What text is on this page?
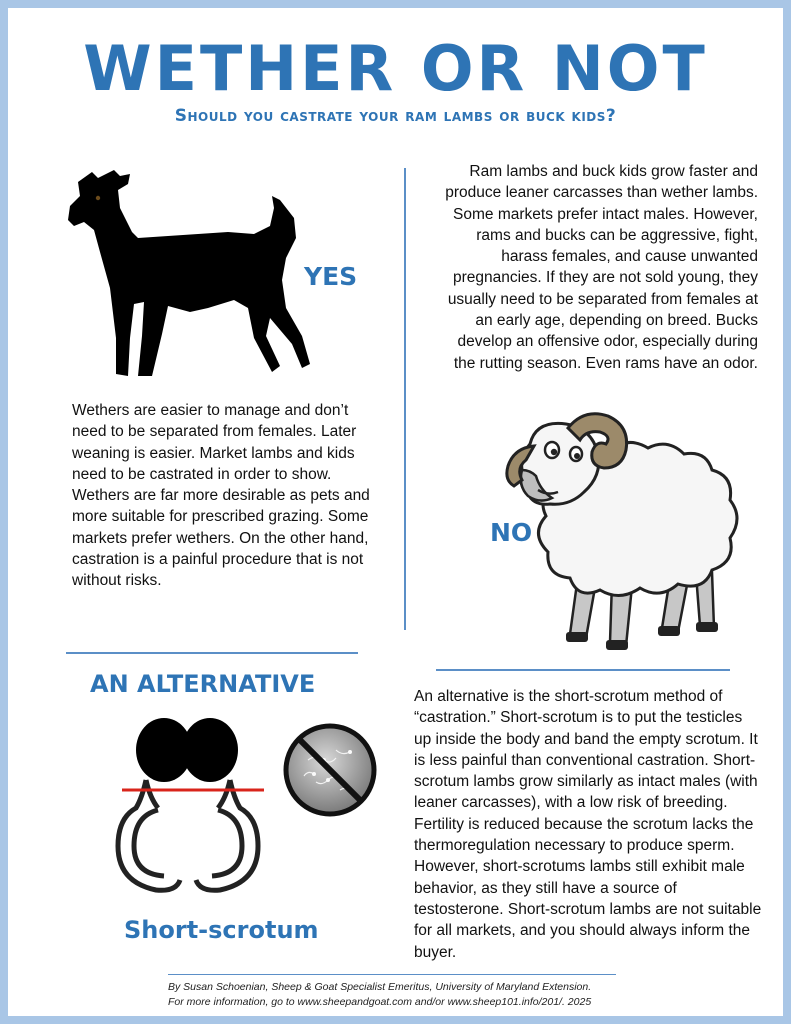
WETHER OR NOT
Should you castrate your ram lambs or buck kids?
YES
Ram lambs and buck kids grow faster and produce leaner carcasses than wether lambs. Some markets prefer intact males. However, rams and bucks can be aggressive, fight, harass females, and cause unwanted pregnancies. If they are not sold young, they usually need to be separated from females at an early age, depending on breed. Bucks develop an offensive odor, especially during the rutting season. Even rams have an odor.
Wethers are easier to manage and don’t need to be separated from females. Later weaning is easier. Market lambs and kids need to be castrated in order to show. Wethers are far more desirable as pets and more suitable for prescribed grazing. Some markets prefer wethers. On the other hand, castration is a painful procedure that is not without risks.
NO
AN ALTERNATIVE
Short-scrotum
An alternative is the short-scrotum method of “castration.” Short-scrotum is to put the testicles up inside the body and band the empty scrotum. It is less painful than conventional castration. Short-scrotum lambs grow similarly as intact males (with leaner carcasses), with a low risk of breeding. Fertility is reduced because the scrotum lacks the thermoregulation necessary to produce sperm. However, short-scrotums lambs still exhibit male behavior, as they still have a source of testosterone. Short-scrotum lambs are not suitable for all markets, and you should always inform the buyer.
By Susan Schoenian, Sheep & Goat Specialist Emeritus, University of Maryland Extension.
For more information, go to www.sheepandgoat.com and/or www.sheep101.info/201/. 2025
